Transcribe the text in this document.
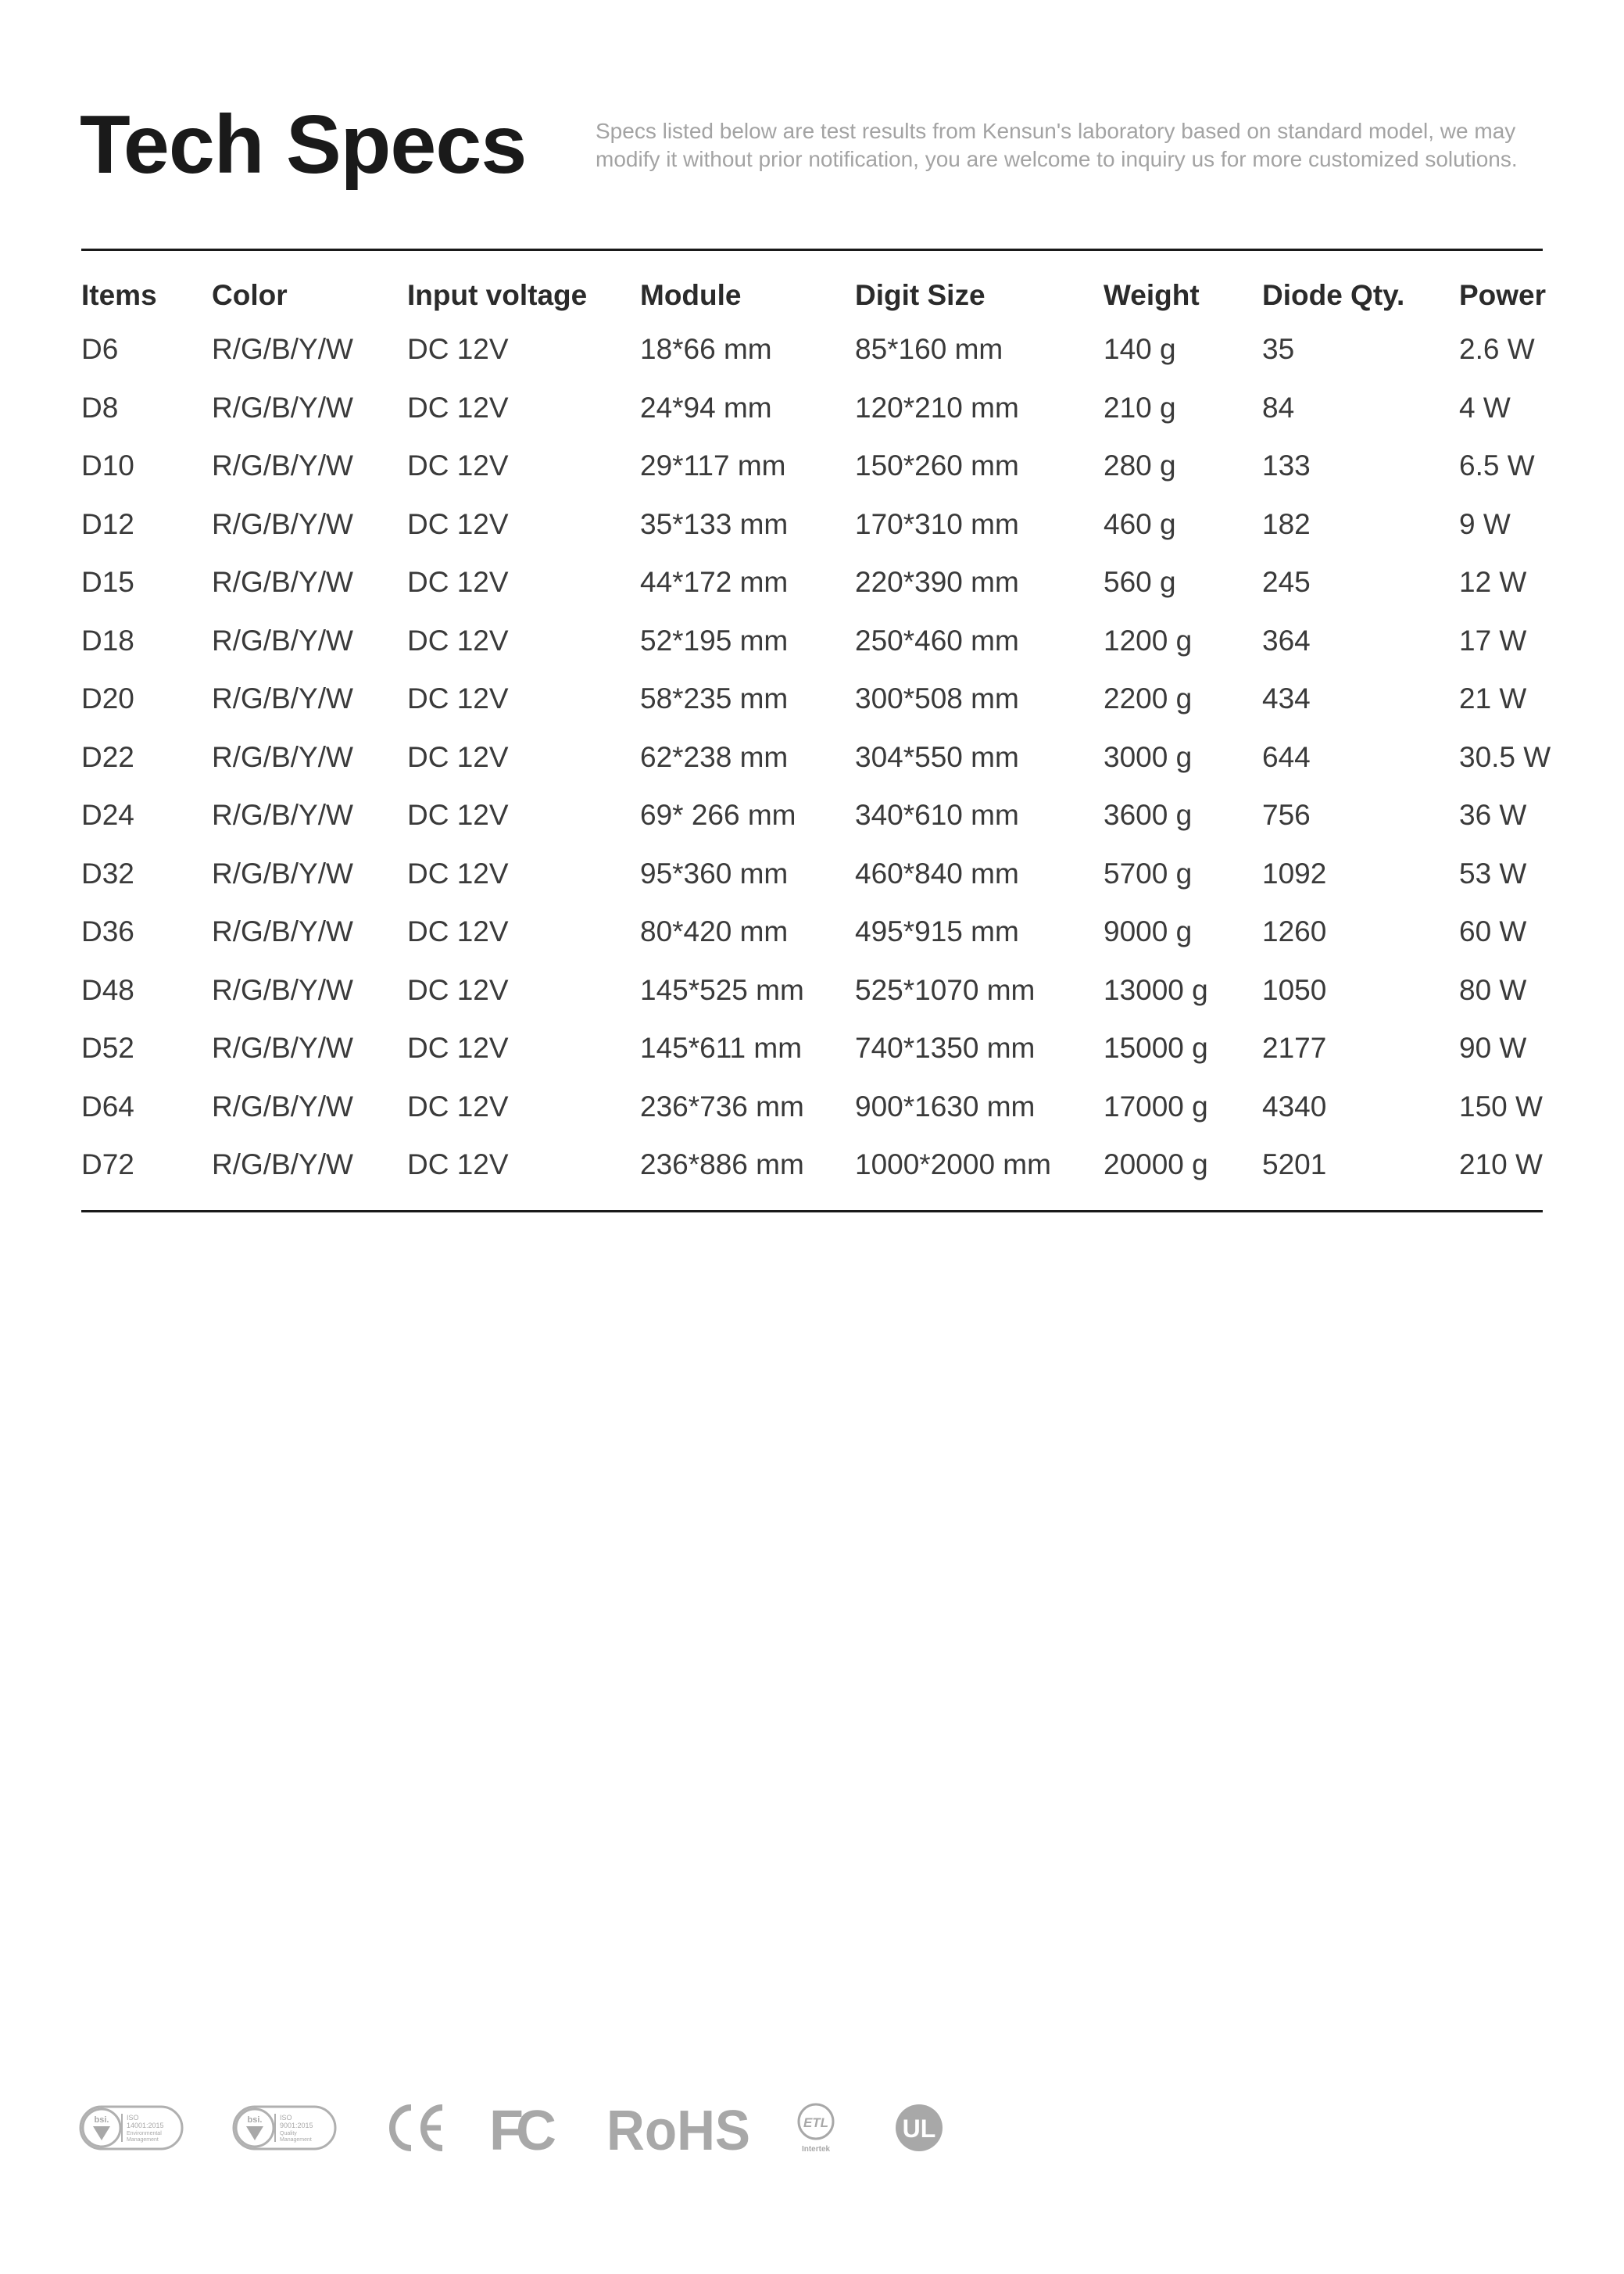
Tech Specs	Specs listed below are test results from Kensun's laboratory based on standard model, we may modify it without prior notification, you are welcome to inquiry us for more customized solutions.

Items	Color	Input voltage	Module	Digit Size	Weight	Diode Qty.	Power
D6	R/G/B/Y/W	DC 12V	18*66 mm	85*160 mm	140 g	35	2.6 W
D8	R/G/B/Y/W	DC 12V	24*94 mm	120*210 mm	210 g	84	4 W
D10	R/G/B/Y/W	DC 12V	29*117 mm	150*260 mm	280 g	133	6.5 W
D12	R/G/B/Y/W	DC 12V	35*133 mm	170*310 mm	460 g	182	9 W
D15	R/G/B/Y/W	DC 12V	44*172 mm	220*390 mm	560 g	245	12 W
D18	R/G/B/Y/W	DC 12V	52*195 mm	250*460 mm	1200 g	364	17 W
D20	R/G/B/Y/W	DC 12V	58*235 mm	300*508 mm	2200 g	434	21 W
D22	R/G/B/Y/W	DC 12V	62*238 mm	304*550 mm	3000 g	644	30.5 W
D24	R/G/B/Y/W	DC 12V	69* 266 mm	340*610 mm	3600 g	756	36 W
D32	R/G/B/Y/W	DC 12V	95*360 mm	460*840 mm	5700 g	1092	53 W
D36	R/G/B/Y/W	DC 12V	80*420 mm	495*915 mm	9000 g	1260	60 W
D48	R/G/B/Y/W	DC 12V	145*525 mm	525*1070 mm	13000 g	1050	80 W
D52	R/G/B/Y/W	DC 12V	145*611 mm	740*1350 mm	15000 g	2177	90 W
D64	R/G/B/Y/W	DC 12V	236*736 mm	900*1630 mm	17000 g	4340	150 W
D72	R/G/B/Y/W	DC 12V	236*886 mm	1000*2000 mm	20000 g	5201	210 W
bsi.	ISO
14001:2015
Environmental
Management
bsi.	ISO
9001:2015
Quality
Management	FC RoHS	ETL
Intertek
UL
